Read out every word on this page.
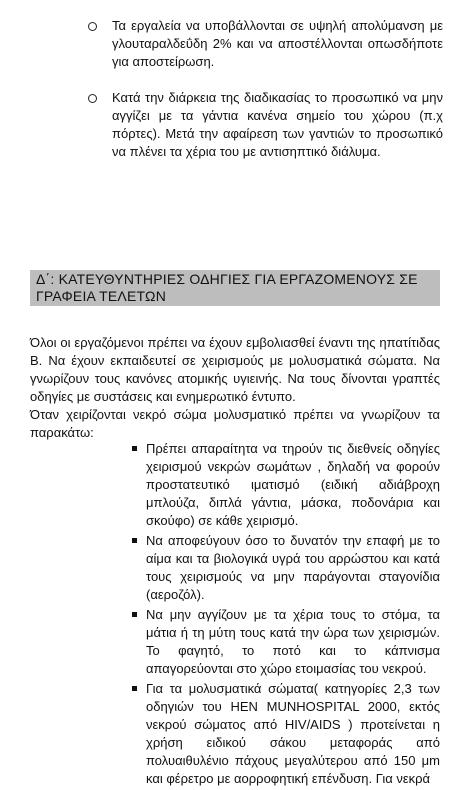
Τα εργαλεία να υποβάλλονται σε υψηλή απολύμανση με γλουταραλδεΰδη 2% και να αποστέλλονται οπωσδήποτε για αποστείρωση.
Κατά την διάρκεια της διαδικασίας το προσωπικό να μην αγγίζει με τα γάντια κανένα σημείο του χώρου (π.χ πόρτες). Μετά την αφαίρεση των γαντιών το προσωπικό να πλένει τα χέρια του με αντισηπτικό διάλυμα.
Δ΄: ΚΑΤΕΥΘΥΝΤΗΡΙΕΣ ΟΔΗΓΙΕΣ ΓΙΑ ΕΡΓΑΖΟΜΕΝΟΥΣ ΣΕ ΓΡΑΦΕΙΑ ΤΕΛΕΤΩΝ
Όλοι οι εργαζόμενοι πρέπει να έχουν εμβολιασθεί έναντι της ηπατίτιδας Β. Να έχουν εκπαιδευτεί σε χειρισμούς με μολυσματικά σώματα. Να γνωρίζουν τους κανόνες ατομικής υγιεινής. Να τους δίνονται γραπτές οδηγίες με συστάσεις και ενημερωτικό έντυπο.
Όταν χειρίζονται νεκρό σώμα μολυσματικό πρέπει να γνωρίζουν τα παρακάτω:
Πρέπει απαραίτητα να τηρούν τις διεθνείς οδηγίες χειρισμού νεκρών σωμάτων , δηλαδή να φορούν προστατευτικό ιματισμό (ειδική αδιάβροχη μπλούζα, διπλά γάντια, μάσκα, ποδονάρια και σκούφο) σε κάθε χειρισμό.
Να αποφεύγουν όσο το δυνατόν την επαφή με το αίμα και τα βιολογικά υγρά του αρρώστου και κατά τους χειρισμούς να μην παράγονται σταγονίδια (αεροζόλ).
Να μην αγγίζουν με τα χέρια τους το στόμα, τα μάτια ή τη μύτη τους κατά την ώρα των χειρισμών. Το φαγητό, το ποτό και το κάπνισμα απαγορεύονται στο χώρο ετοιμασίας του νεκρού.
Για τα μολυσματικά σώματα( κατηγορίες 2,3 των οδηγιών του HEN MUNHOSPITAL 2000, εκτός νεκρού σώματος από HIV/AIDS ) προτείνεται η χρήση ειδικού σάκου μεταφοράς από πολυαιθυλένιο πάχους μεγαλύτερου από 150 μm και φέρετρο με αορροφητική επένδυση. Για νεκρά
